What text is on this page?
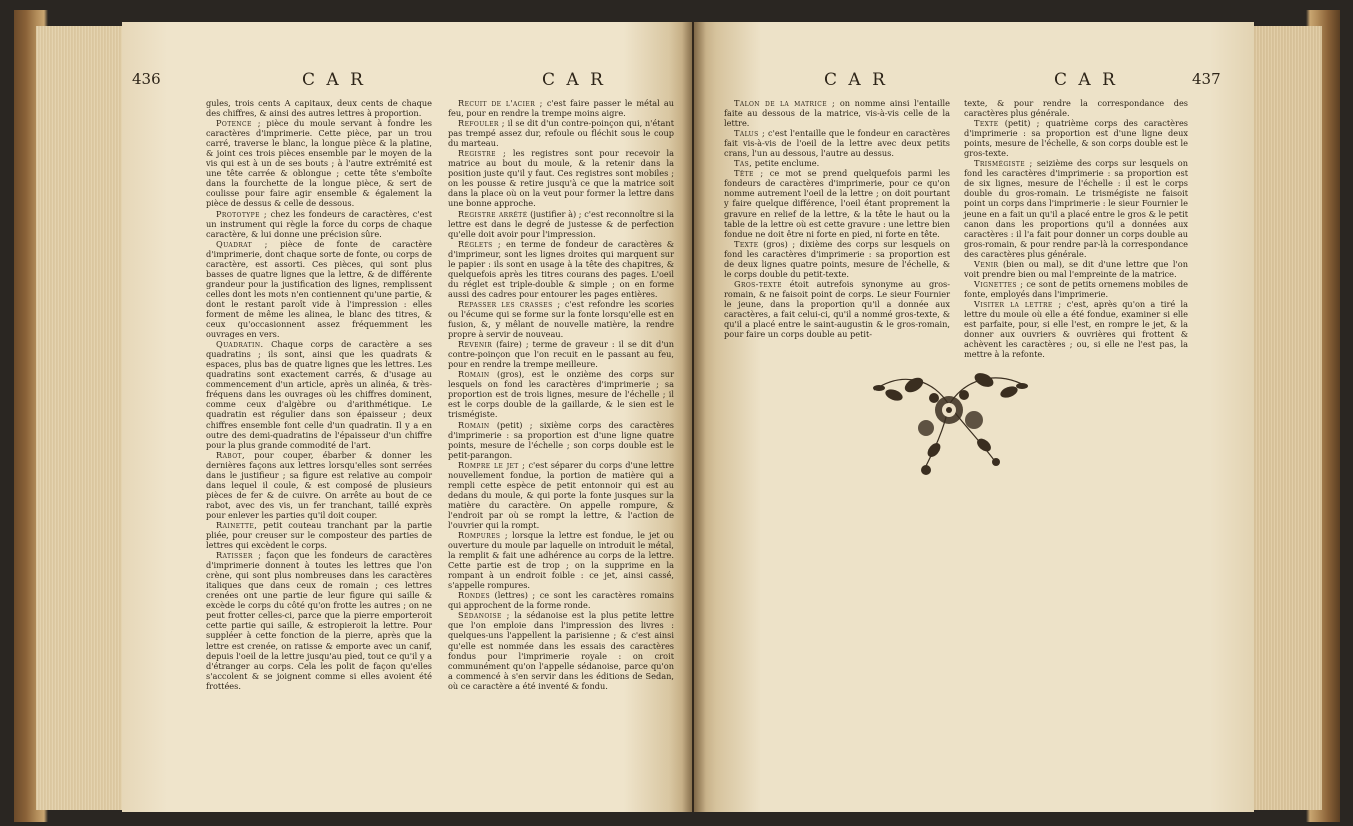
436	C A R	C A R

gules, trois cents A capitaux, deux cents de chaque des chiffres, & ainsi des autres lettres à proportion.

Potence ; pièce du moule servant à fondre les caractères d'imprimerie. Cette pièce, par un trou carré, traverse le blanc, la longue pièce & la platine, & joint ces trois pièces ensemble par le moyen de la vis qui est à un de ses bouts ; à l'autre extrémité est une tête carrée & oblongue ; cette tête s'emboîte dans la fourchette de la longue pièce, & sert de coulisse pour faire agir ensemble & également la pièce de dessus & celle de dessous.

Prototype ; chez les fondeurs de caractères, c'est un instrument qui règle la force du corps de chaque caractère, & lui donne une précision sûre.

Quadrat ; pièce de fonte de caractère d'imprimerie, dont chaque sorte de fonte, ou corps de caractère, est assorti. Ces pièces, qui sont plus basses de quatre lignes que la lettre, & de différente grandeur pour la justification des lignes, remplissent celles dont les mots n'en contiennent qu'une partie, & dont le restant paroît vide à l'impression : elles forment de même les alinea, le blanc des titres, & ceux qu'occasionnent assez fréquemment les ouvrages en vers.

Quadratin. Chaque corps de caractère a ses quadratins ; ils sont, ainsi que les quadrats & espaces, plus bas de quatre lignes que les lettres. Les quadratins sont exactement carrés, & d'usage au commencement d'un article, après un alinéa, & très-fréquens dans les ouvrages où les chiffres dominent, comme ceux d'algèbre ou d'arithmétique. Le quadratin est régulier dans son épaisseur ; deux chiffres ensemble font celle d'un quadratin. Il y a en outre des demi-quadratins de l'épaisseur d'un chiffre pour la plus grande commodité de l'art.

Rabot, pour couper, ébarber & donner les dernières façons aux lettres lorsqu'elles sont serrées dans le justifieur ; sa figure est relative au compoir dans lequel il coule, & est composé de plusieurs pièces de fer & de cuivre. On arrête au bout de ce rabot, avec des vis, un fer tranchant, taillé exprès pour enlever les parties qu'il doit couper.

Rainette, petit couteau tranchant par la partie pliée, pour creuser sur le composteur des parties de lettres qui excèdent le corps.

Ratisser ; façon que les fondeurs de caractères d'imprimerie donnent à toutes les lettres que l'on crène, qui sont plus nombreuses dans les caractères italiques que dans ceux de romain ; ces lettres crenées ont une partie de leur figure qui saille & excède le corps du côté qu'on frotte les autres ; on ne peut frotter celles-ci, parce que la pierre emporteroit cette partie qui saille, & estropieroit la lettre. Pour suppléer à cette fonction de la pierre, après que la lettre est crenée, on ratisse & emporte avec un canif, depuis l'oeil de la lettre jusqu'au pied, tout ce qu'il y a d'étranger au corps. Cela les polit de façon qu'elles s'accolent & se joignent comme si elles avoient été frottées.

Recuit de l'acier ; c'est faire passer le métal au feu, pour en rendre la trempe moins aigre.

Refouler ; il se dit d'un contre-poinçon qui, n'étant pas trempé assez dur, refoule ou fléchit sous le coup du marteau.

Registre ; les registres sont pour recevoir la matrice au bout du moule, & la retenir dans la position juste qu'il y faut. Ces registres sont mobiles ; on les pousse & retire jusqu'à ce que la matrice soit dans la place où on la veut pour former la lettre dans une bonne approche.

Registre arrêté (justifier à) ; c'est reconnoître si la lettre est dans le degré de justesse & de perfection qu'elle doit avoir pour l'impression.

Réglets ; en terme de fondeur de caractères & d'imprimeur, sont les lignes droites qui marquent sur le papier : ils sont en usage à la tête des chapitres, & quelquefois après les titres courans des pages. L'oeil du réglet est triple-double & simple ; on en forme aussi des cadres pour entourer les pages entières.

Repasser les crasses ; c'est refondre les scories ou l'écume qui se forme sur la fonte lorsqu'elle est en fusion, &, y mêlant de nouvelle matière, la rendre propre à servir de nouveau.

Revenir (faire) ; terme de graveur : il se dit d'un contre-poinçon que l'on recuit en le passant au feu, pour en rendre la trempe meilleure.

Romain (gros), est le onzième des corps sur lesquels on fond les caractères d'imprimerie ; sa proportion est de trois lignes, mesure de l'échelle ; il est le corps double de la gaillarde, & le sien est le trismégiste.

Romain (petit) ; sixième corps des caractères d'imprimerie : sa proportion est d'une ligne quatre points, mesure de l'échelle ; son corps double est le petit-parangon.

Rompre le jet ; c'est séparer du corps d'une lettre nouvellement fondue, la portion de matière qui a rempli cette espèce de petit entonnoir qui est au dedans du moule, & qui porte la fonte jusques sur la matière du caractère. On appelle rompure, & l'endroit par où se rompt la lettre, & l'action de l'ouvrier qui la rompt.

Rompures ; lorsque la lettre est fondue, le jet ou ouverture du moule par laquelle on introduit le métal, la remplit & fait une adhérence au corps de la lettre. Cette partie est de trop ; on la supprime en la rompant à un endroit foible : ce jet, ainsi cassé, s'appelle rompures.

Rondes (lettres) ; ce sont les caractères romains qui approchent de la forme ronde.

Sédanoise ; la sédanoise est la plus petite lettre que l'on emploie dans l'impression des livres : quelques-uns l'appellent la parisienne ; & c'est ainsi qu'elle est nommée dans les essais des caractères fondus pour l'imprimerie royale : on croit communément qu'on l'appelle sédanoise, parce qu'on a commencé à s'en servir dans les éditions de Sedan, où ce caractère a été inventé & fondu.

C A R	C A R	437

Talon de la matrice ; on nomme ainsi l'entaille faite au dessous de la matrice, vis-à-vis celle de la lettre.

Talus ; c'est l'entaille que le fondeur en caractères fait vis-à-vis de l'oeil de la lettre avec deux petits crans, l'un au dessous, l'autre au dessus.

Tas, petite enclume.

Tête ; ce mot se prend quelquefois parmi les fondeurs de caractères d'imprimerie, pour ce qu'on nomme autrement l'oeil de la lettre ; on doit pourtant y faire quelque différence, l'oeil étant proprement la gravure en relief de la lettre, & la tête le haut ou la table de la lettre où est cette gravure : une lettre bien fondue ne doit être ni forte en pied, ni forte en tête.

Texte (gros) ; dixième des corps sur lesquels on fond les caractères d'imprimerie : sa proportion est de deux lignes quatre points, mesure de l'échelle, & le corps double du petit-texte.

Gros-texte étoit autrefois synonyme au gros-romain, & ne faisoit point de corps. Le sieur Fournier le jeune, dans la proportion qu'il a donnée aux caractères, a fait celui-ci, qu'il a nommé gros-texte, & qu'il a placé entre le saint-augustin & le gros-romain, pour faire un corps double au petit-

texte, & pour rendre la correspondance des caractères plus générale.

Texte (petit) ; quatrième corps des caractères d'imprimerie : sa proportion est d'une ligne deux points, mesure de l'échelle, & son corps double est le gros-texte.

Trismégiste ; seizième des corps sur lesquels on fond les caractères d'imprimerie : sa proportion est de six lignes, mesure de l'échelle : il est le corps double du gros-romain. Le trismégiste ne faisoit point un corps dans l'imprimerie : le sieur Fournier le jeune en a fait un qu'il a placé entre le gros & le petit canon dans les proportions qu'il a données aux caractères : il l'a fait pour donner un corps double au gros-romain, & pour rendre par-là la correspondance des caractères plus générale.

Venir (bien ou mal), se dit d'une lettre que l'on voit prendre bien ou mal l'empreinte de la matrice.

Vignettes ; ce sont de petits ornemens mobiles de fonte, employés dans l'imprimerie.

Visiter la lettre ; c'est, après qu'on a tiré la lettre du moule où elle a été fondue, examiner si elle est parfaite, pour, si elle l'est, en rompre le jet, & la donner aux ouvriers & ouvrières qui frottent & achèvent les caractères ; ou, si elle ne l'est pas, la mettre à la refonte.
